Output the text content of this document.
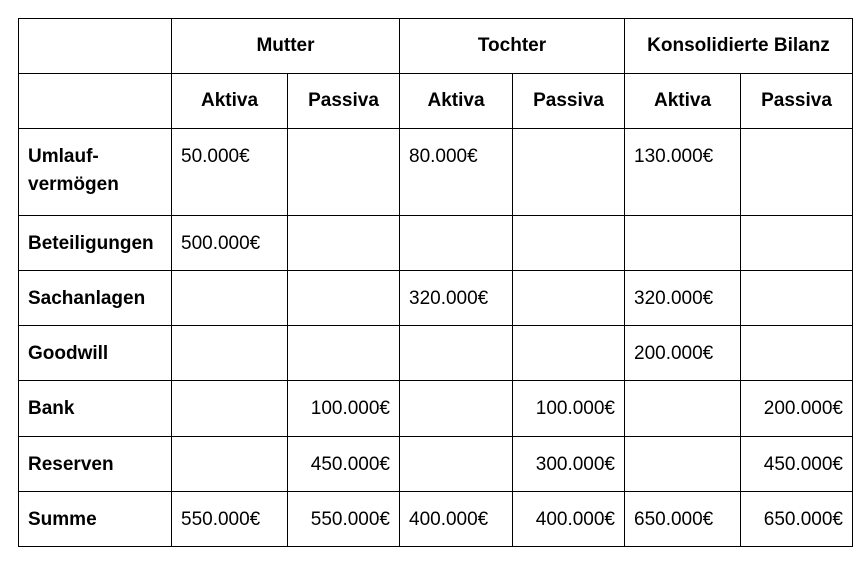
	Mutter		Tochter		Konsolidierte Bilanz	
	Aktiva	Passiva	Aktiva	Passiva	Aktiva	Passiva

Umlauf-
vermögen	50.000€		80.000€		130.000€	

Beteiligungen	500.000€					

Sachanlagen			320.000€		320.000€	

Goodwill					200.000€	

Bank		100.000€		100.000€		200.000€

Reserven		450.000€		300.000€		450.000€

Summe	550.000€	550.000€	400.000€	400.000€	650.000€	650.000€
